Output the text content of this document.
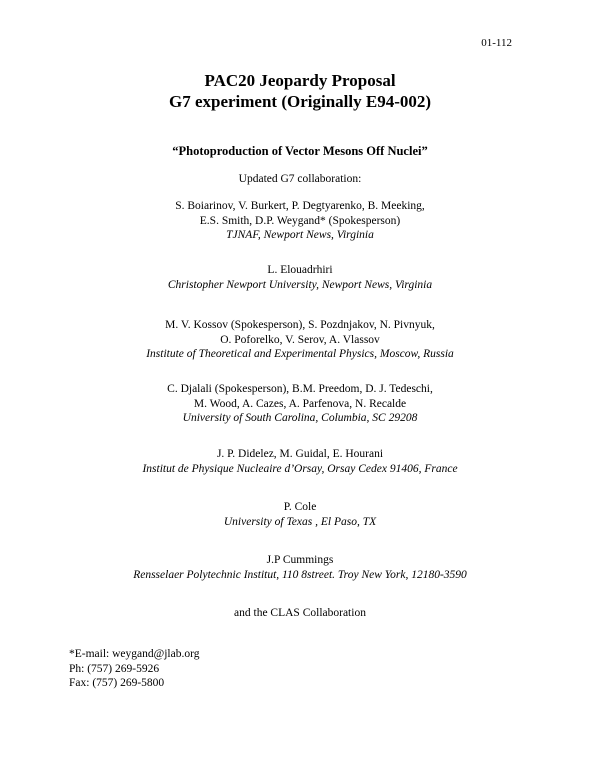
01-112
PAC20 Jeopardy Proposal
G7 experiment (Originally E94-002)
“Photoproduction of Vector Mesons Off Nuclei”
Updated G7 collaboration:
S. Boiarinov, V. Burkert, P. Degtyarenko, B. Meeking,
E.S. Smith, D.P. Weygand* (Spokesperson)
TJNAF, Newport News, Virginia
L. Elouadrhiri
Christopher Newport University, Newport News, Virginia
M. V. Kossov (Spokesperson), S. Pozdnjakov, N. Pivnyuk,
O. Poforelko, V. Serov, A. Vlassov
Institute of Theoretical and Experimental Physics, Moscow, Russia
C. Djalali (Spokesperson), B.M. Preedom, D. J. Tedeschi,
M. Wood, A. Cazes, A. Parfenova, N. Recalde
University of South Carolina, Columbia, SC 29208
J. P. Didelez, M. Guidal, E. Hourani
Institut de Physique Nucleaire d’Orsay, Orsay Cedex 91406, France
P. Cole
University of Texas , El Paso, TX
J.P Cummings
Rensselaer Polytechnic Institut, 110 8street. Troy New York, 12180-3590
and the CLAS Collaboration
*E-mail: weygand@jlab.org
Ph: (757) 269-5926
Fax: (757) 269-5800
